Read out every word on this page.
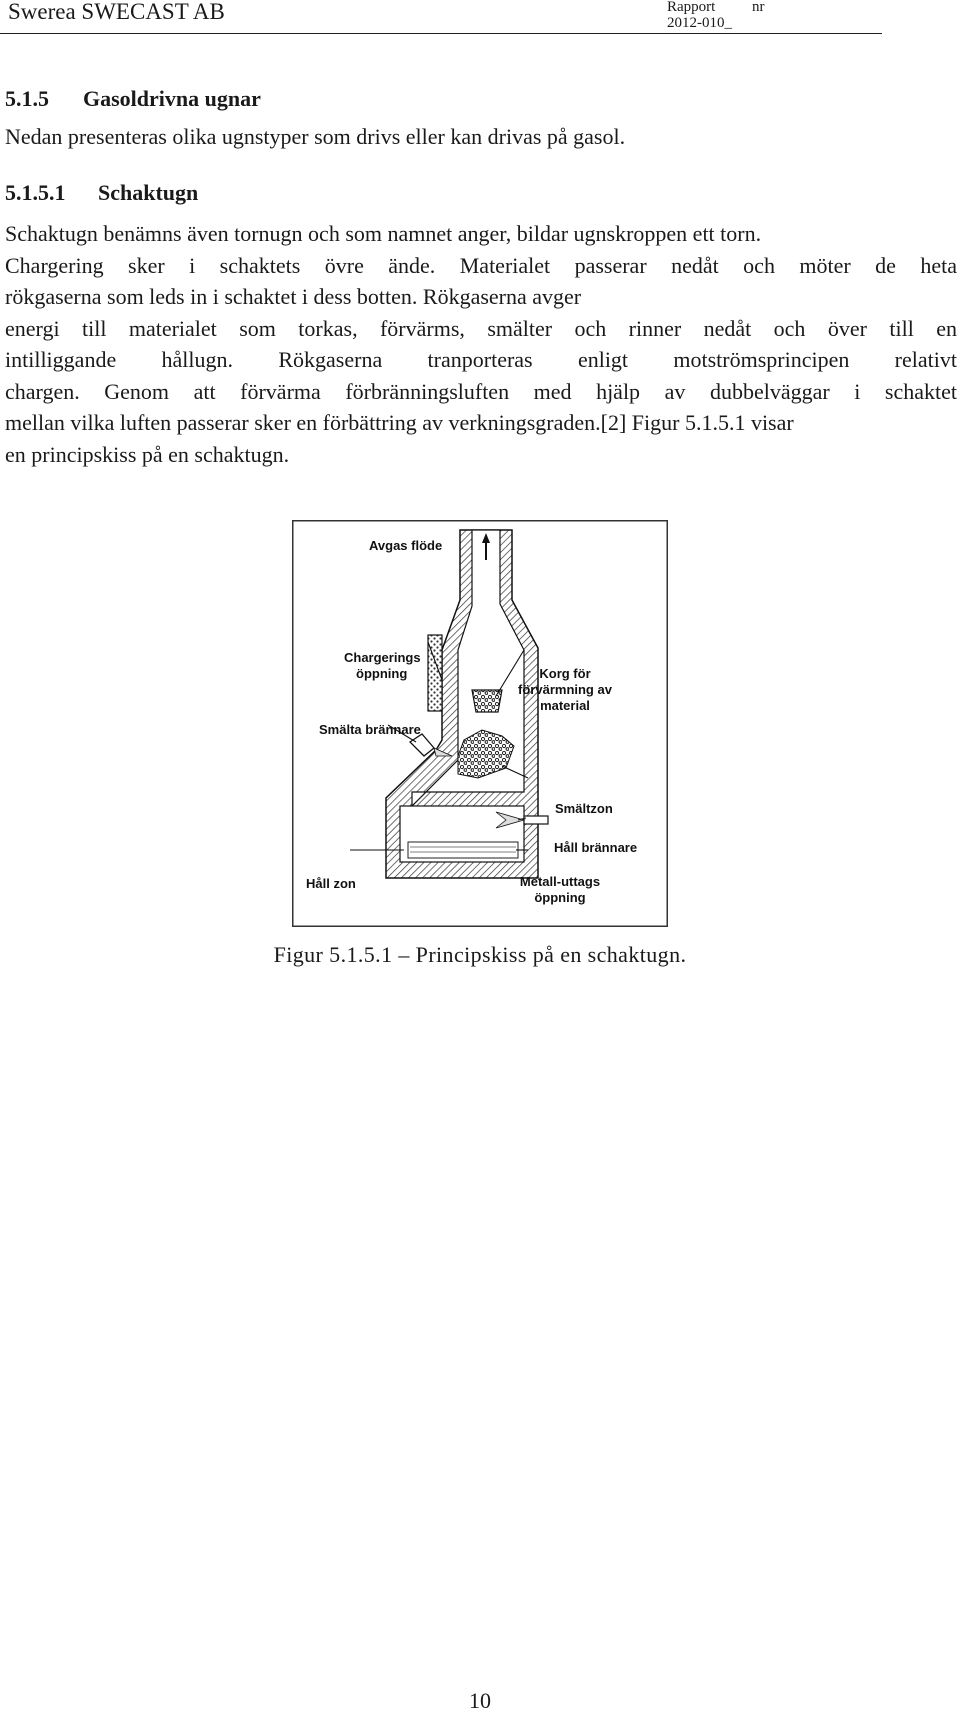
Swerea SWECAST AB	Rapport nr
2012-010_
5.1.5 Gasoldrivna ugnar

Nedan presenteras olika ugnstyper som drivs eller kan drivas på gasol.

5.1.5.1 Schaktugn

Schaktugn benämns även tornugn och som namnet anger, bildar ugnskroppen ett torn.
Chargering sker i schaktets övre ände. Materialet passerar nedåt och möter de heta
rökgaserna som leds in i schaktet i dess botten. Rökgaserna avger
energi till materialet som torkas, förvärms, smälter och rinner nedåt och över till en
intilliggande hållugn. Rökgaserna tranporteras enligt motströmsprincipen relativt
chargen. Genom att förvärma förbränningsluften med hjälp av dubbelväggar i schaktet
mellan vilka luften passerar sker en förbättring av verkningsgraden.[2] Figur 5.1.5.1 visar
en principskiss på en schaktugn.

Avgas flöde
Chargerings
öppning	Korg för
förvärmning av
material
Smälta brännare
Smältzon
Håll brännare
Håll zon	Metall-uttags
öppning

Figur 5.1.5.1 – Principskiss på en schaktugn.

10
